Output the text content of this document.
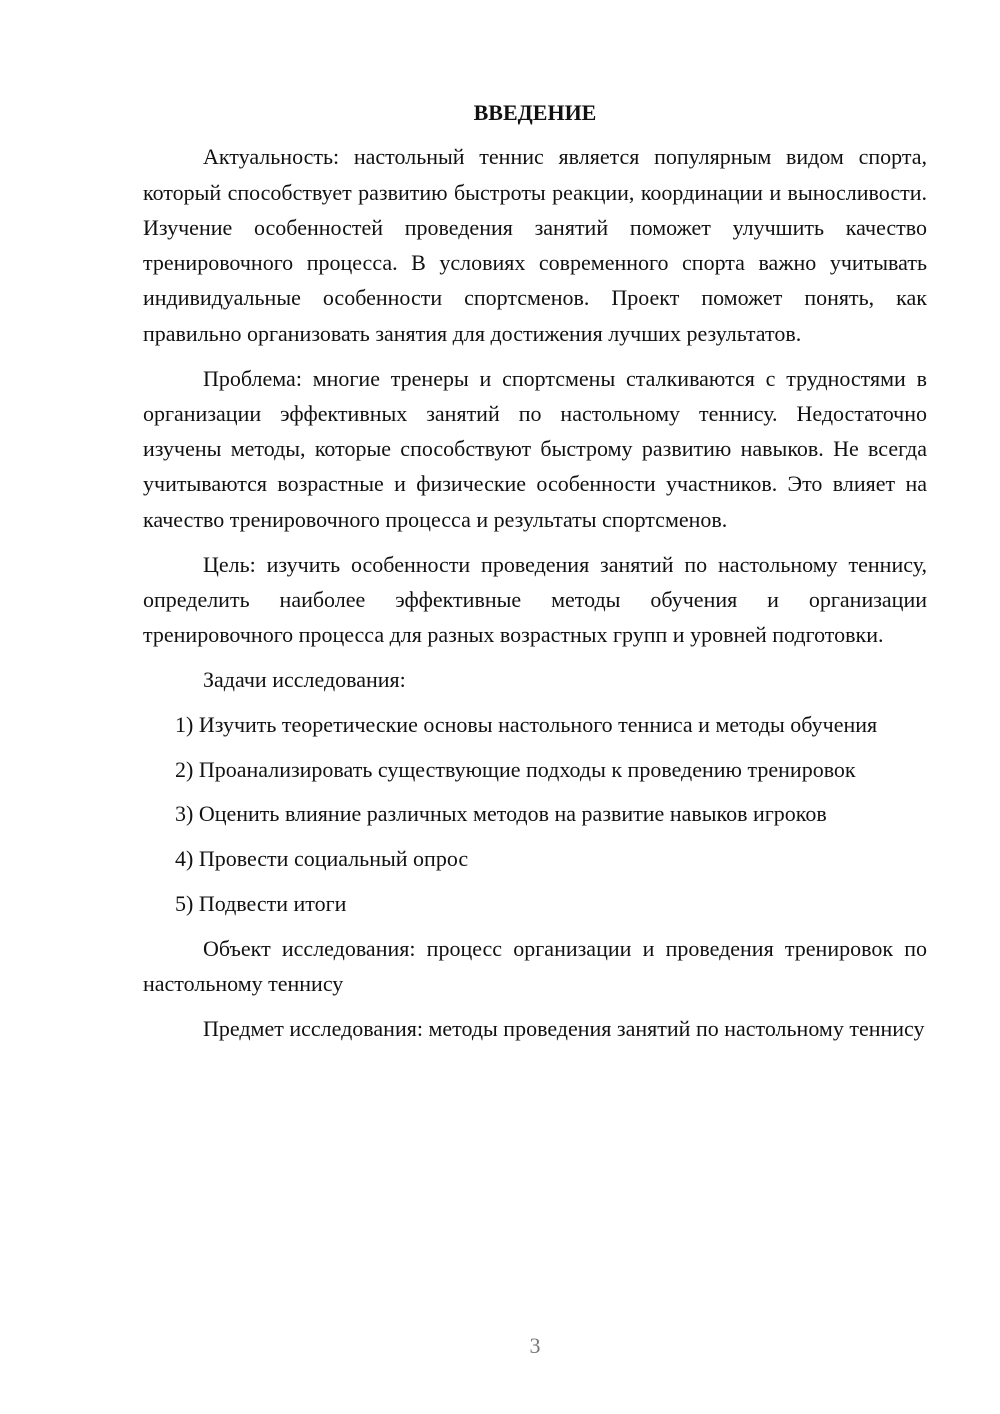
ВВЕДЕНИЕ

Актуальность: настольный теннис является популярным видом спорта, который способствует развитию быстроты реакции, координации и выносливости. Изучение особенностей проведения занятий поможет улучшить качество тренировочного процесса. В условиях современного спорта важно учитывать индивидуальные особенности спортсменов. Проект поможет понять, как правильно организовать занятия для достижения лучших результатов.

Проблема: многие тренеры и спортсмены сталкиваются с трудностями в организации эффективных занятий по настольному теннису. Недостаточно изучены методы, которые способствуют быстрому развитию навыков. Не всегда учитываются возрастные и физические особенности участников. Это влияет на качество тренировочного процесса и результаты спортсменов.

Цель: изучить особенности проведения занятий по настольному теннису, определить наиболее эффективные методы обучения и организации тренировочного процесса для разных возрастных групп и уровней подготовки.

Задачи исследования:

1) Изучить теоретические основы настольного тенниса и методы обучения

2) Проанализировать существующие подходы к проведению тренировок

3) Оценить влияние различных методов на развитие навыков игроков

4) Провести социальный опрос

5) Подвести итоги

Объект исследования: процесс организации и проведения тренировок по настольному теннису

Предмет исследования: методы проведения занятий по настольному теннису

3
